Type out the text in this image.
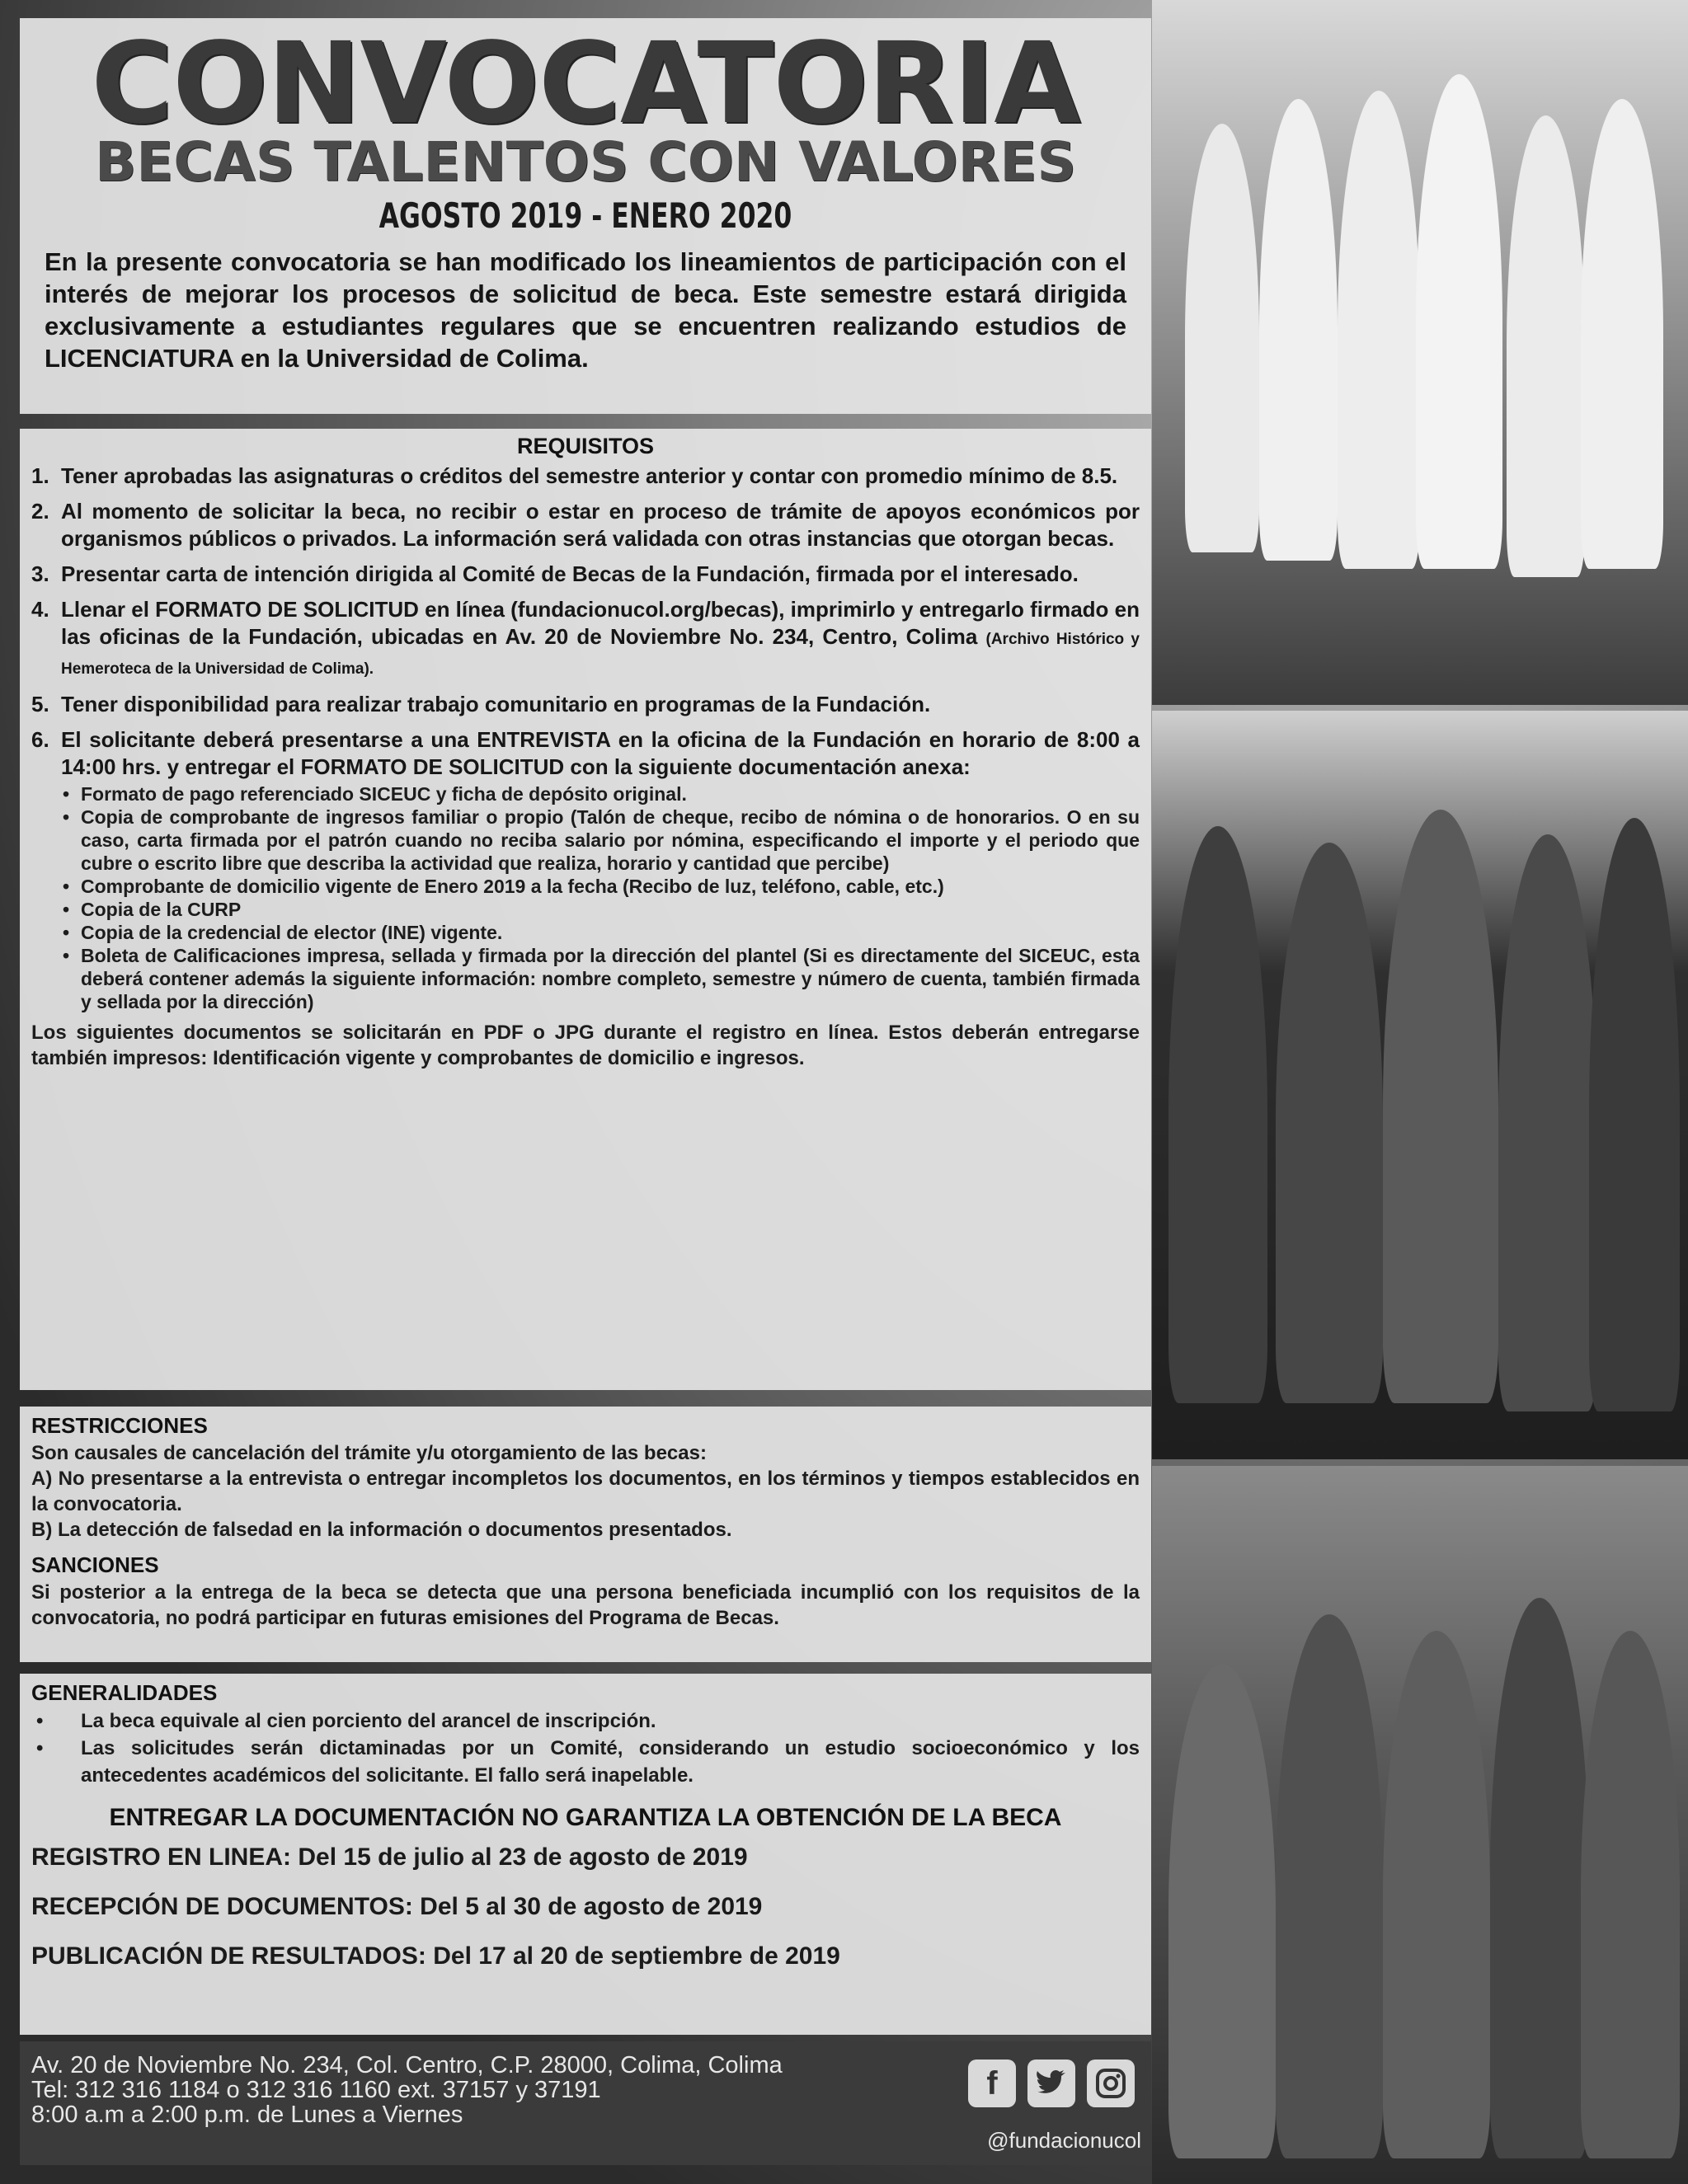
CONVOCATORIA
BECAS TALENTOS CON VALORES
AGOSTO 2019 - ENERO 2020
En la presente convocatoria se han modificado los lineamientos de participación con el interés de mejorar los procesos de solicitud de beca. Este semestre estará dirigida exclusivamente a estudiantes regulares que se encuentren realizando estudios de LICENCIATURA en la Universidad de Colima.
REQUISITOS
1. Tener aprobadas las asignaturas o créditos del semestre anterior y contar con promedio mínimo de 8.5.
2. Al momento de solicitar la beca, no recibir o estar en proceso de trámite de apoyos económicos por organismos públicos o privados. La información será validada con otras instancias que otorgan becas.
3. Presentar carta de intención dirigida al Comité de Becas de la Fundación, firmada por el interesado.
4. Llenar el FORMATO DE SOLICITUD en línea (fundacionucol.org/becas), imprimirlo y entregarlo firmado en las oficinas de la Fundación, ubicadas en Av. 20 de Noviembre No. 234, Centro, Colima (Archivo Histórico y Hemeroteca de la Universidad de Colima).
5. Tener disponibilidad para realizar trabajo comunitario en programas de la Fundación.
6. El solicitante deberá presentarse a una ENTREVISTA en la oficina de la Fundación en horario de 8:00 a 14:00 hrs. y entregar el FORMATO DE SOLICITUD con la siguiente documentación anexa:
• Formato de pago referenciado SICEUC y ficha de depósito original.
• Copia de comprobante de ingresos familiar o propio (Talón de cheque, recibo de nómina o de honorarios. O en su caso, carta firmada por el patrón cuando no reciba salario por nómina, especificando el importe y el periodo que cubre o escrito libre que describa la actividad que realiza, horario y cantidad que percibe)
• Comprobante de domicilio vigente de Enero 2019 a la fecha (Recibo de luz, teléfono, cable, etc.)
• Copia de la CURP
• Copia de la credencial de elector (INE) vigente.
• Boleta de Calificaciones impresa, sellada y firmada por la dirección del plantel (Si es directamente del SICEUC, esta deberá contener además la siguiente información: nombre completo, semestre y número de cuenta, también firmada y sellada por la dirección)
Los siguientes documentos se solicitarán en PDF o JPG durante el registro en línea. Estos deberán entregarse también impresos: Identificación vigente y comprobantes de domicilio e ingresos.
RESTRICCIONES
Son causales de cancelación del trámite y/u otorgamiento de las becas:
A) No presentarse a la entrevista o entregar incompletos los documentos, en los términos y tiempos establecidos en la convocatoria.
B) La detección de falsedad en la información o documentos presentados.
SANCIONES
Si posterior a la entrega de la beca se detecta que una persona beneficiada incumplió con los requisitos de la convocatoria, no podrá participar en futuras emisiones del Programa de Becas.
GENERALIDADES
• La beca equivale al cien porciento del arancel de inscripción.
• Las solicitudes serán dictaminadas por un Comité, considerando un estudio socioeconómico y los antecedentes académicos del solicitante. El fallo será inapelable.
ENTREGAR LA DOCUMENTACIÓN NO GARANTIZA LA OBTENCIÓN DE LA BECA
REGISTRO EN LINEA: Del 15 de julio al 23 de agosto de 2019
RECEPCIÓN DE DOCUMENTOS: Del 5 al 30 de agosto de 2019
PUBLICACIÓN DE RESULTADOS: Del 17 al 20 de septiembre de 2019
Av. 20 de Noviembre No. 234, Col. Centro, C.P. 28000, Colima, Colima
Tel: 312 316 1184 o 312 316 1160 ext. 37157 y 37191
8:00 a.m a 2:00 p.m. de Lunes a Viernes
f
@fundacionucol
